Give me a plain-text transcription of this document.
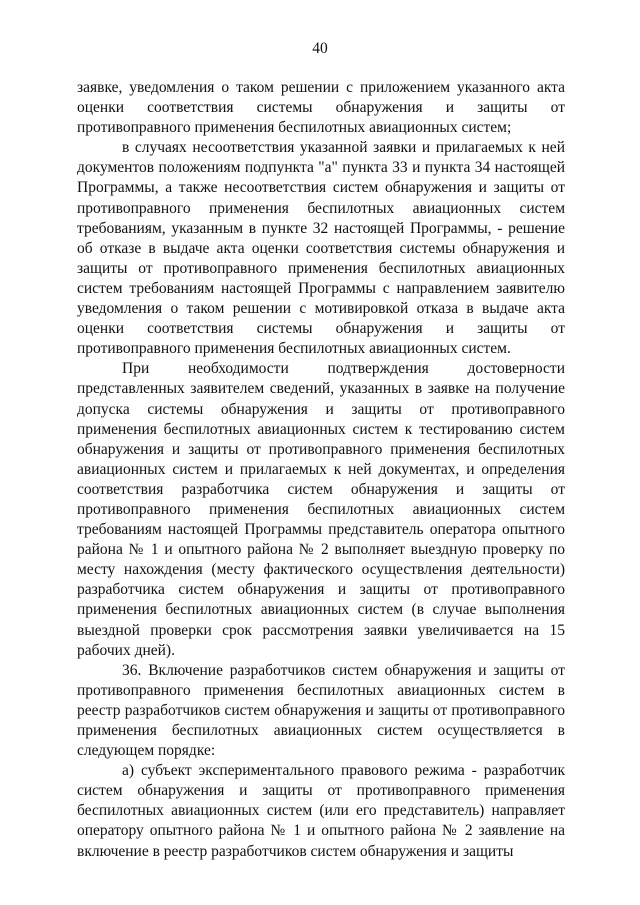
40

заявке, уведомления о таком решении с приложением указанного акта оценки соответствия системы обнаружения и защиты от противоправного применения беспилотных авиационных систем;

в случаях несоответствия указанной заявки и прилагаемых к ней документов положениям подпункта "а" пункта 33 и пункта 34 настоящей Программы, а также несоответствия систем обнаружения и защиты от противоправного применения беспилотных авиационных систем требованиям, указанным в пункте 32 настоящей Программы, - решение об отказе в выдаче акта оценки соответствия системы обнаружения и защиты от противоправного применения беспилотных авиационных систем требованиям настоящей Программы с направлением заявителю уведомления о таком решении с мотивировкой отказа в выдаче акта оценки соответствия системы обнаружения и защиты от противоправного применения беспилотных авиационных систем.

При необходимости подтверждения достоверности представленных заявителем сведений, указанных в заявке на получение допуска системы обнаружения и защиты от противоправного применения беспилотных авиационных систем к тестированию систем обнаружения и защиты от противоправного применения беспилотных авиационных систем и прилагаемых к ней документах, и определения соответствия разработчика систем обнаружения и защиты от противоправного применения беспилотных авиационных систем требованиям настоящей Программы представитель оператора опытного района № 1 и опытного района № 2 выполняет выездную проверку по месту нахождения (месту фактического осуществления деятельности) разработчика систем обнаружения и защиты от противоправного применения беспилотных авиационных систем (в случае выполнения выездной проверки срок рассмотрения заявки увеличивается на 15 рабочих дней).

36. Включение разработчиков систем обнаружения и защиты от противоправного применения беспилотных авиационных систем в реестр разработчиков систем обнаружения и защиты от противоправного применения беспилотных авиационных систем осуществляется в следующем порядке:

а) субъект экспериментального правового режима - разработчик систем обнаружения и защиты от противоправного применения беспилотных авиационных систем (или его представитель) направляет оператору опытного района № 1 и опытного района № 2 заявление на включение в реестр разработчиков систем обнаружения и защиты
